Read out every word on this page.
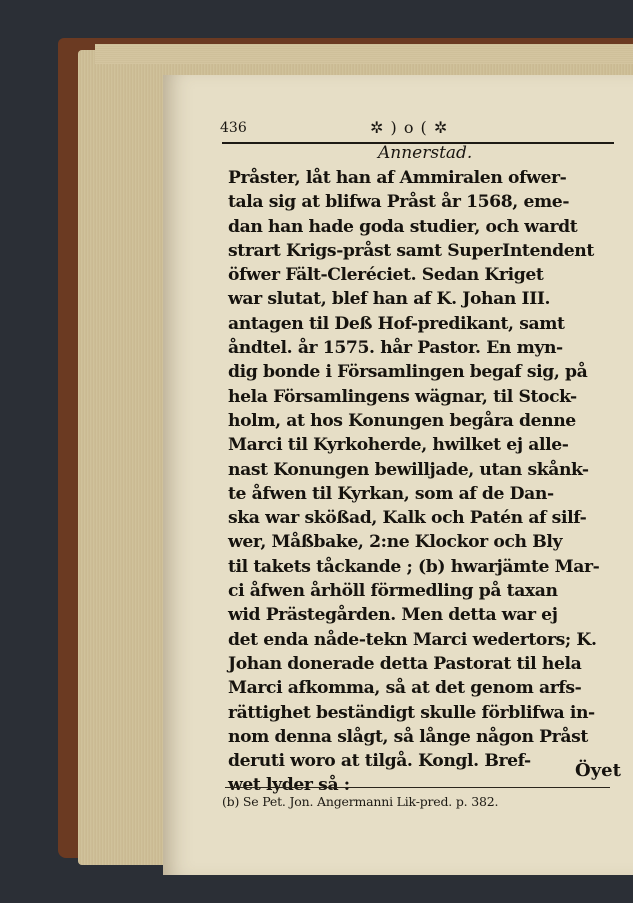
436	✲ ) o ( ✲
Annerstad.
Pråster, låt han af Ammiralen ofwer-
tala sig at blifwa Pråst år 1568, eme-
dan han hade goda studier, och wardt
strart Krigs-pråst samt SuperIntendent
öfwer Fält-Cleréciet. Sedan Kriget
war slutat, blef han af K. Johan III.
antagen til Deß Hof-predikant, samt
åndtel. år 1575. hår Pastor. En myn-
dig bonde i Församlingen begaf sig, på
hela Församlingens wägnar, til Stock-
holm, at hos Konungen begåra denne
Marci til Kyrkoherde, hwilket ej alle-
nast Konungen bewilljade, utan skånk-
te åfwen til Kyrkan, som af de Dan-
ska war skößad, Kalk och Patén af silf-
wer, Måßbake, 2:ne Klockor och Bly
til takets tåckande ; (b) hwarjämte Mar-
ci åfwen århöll förmedling på taxan
wid Prästegården. Men detta war ej
det enda nåde-tekn Marci wedertors; K.
Johan donerade detta Pastorat til hela
Marci afkomma, så at det genom arfs-
rättighet beständigt skulle förblifwa in-
nom denna slågt, så långe någon Pråst
deruti woro at tilgå. Kongl. Bref-
wet lyder så :
Öyet
(b) Se Pet. Jon. Angermanni Lik-pred. p. 382.
